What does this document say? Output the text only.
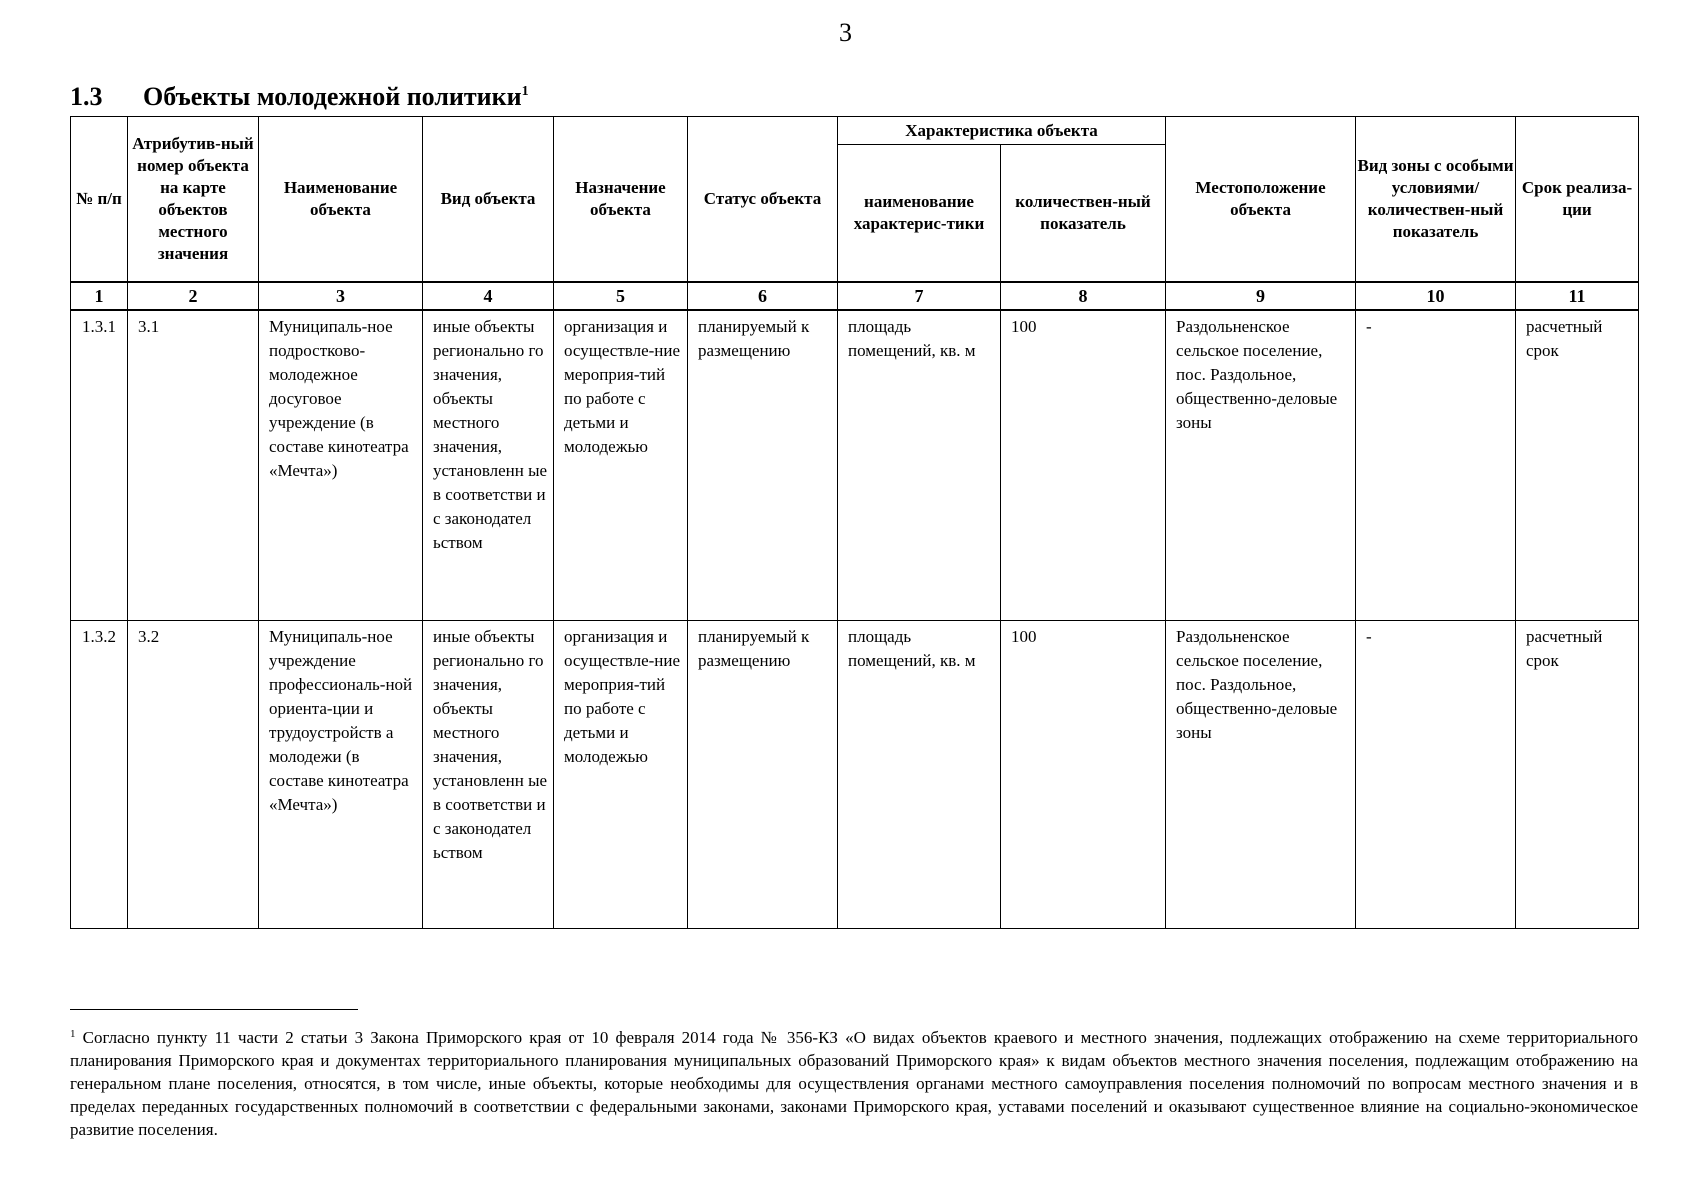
3
1.3 Объекты молодежной политики$^1$
№ п/п	Атрибутив-ный номер объекта на карте объектов местного значения	Наименование объекта	Вид объекта	Назначение объекта	Статус объекта	Характеристика объекта		Местоположение объекта	Вид зоны с особыми условиями/ количествен-ный показатель	Срок реализа-ции
						наименование характерис-тики	количествен-ный показатель			
1	2	3	4	5	6	7	8	9	10	11
1.3.1	3.1	Муниципаль-ное подростково-молодежное досуговое учреждение (в составе кинотеатра «Мечта»)	иные объекты регионально го значения, объекты местного значения, установленн ые в соответстви и с законодател ьством	организация и осуществле-ние мероприя-тий по работе с детьми и молодежью	планируемый к размещению	площадь помещений, кв. м	100	Раздольненское сельское поселение, пос. Раздольное, общественно-деловые зоны	-	расчетный срок
1.3.2	3.2	Муниципаль-ное учреждение профессиональ-ной ориента-ции и трудоустройств а молодежи (в составе кинотеатра «Мечта»)	иные объекты регионально го значения, объекты местного значения, установленн ые в соответстви и с законодател ьством	организация и осуществле-ние мероприя-тий по работе с детьми и молодежью	планируемый к размещению	площадь помещений, кв. м	100	Раздольненское сельское поселение, пос. Раздольное, общественно-деловые зоны	-	расчетный срок
$^1$ Согласно пункту 11 части 2 статьи 3 Закона Приморского края от 10 февраля 2014 года № 356-КЗ «О видах объектов краевого и местного значения, подлежащих отображению на схеме территориального планирования Приморского края и документах территориального планирования муниципальных образований Приморского края» к видам объектов местного значения поселения, подлежащим отображению на генеральном плане поселения, относятся, в том числе, иные объекты, которые необходимы для осуществления органами местного самоуправления поселения полномочий по вопросам местного значения и в пределах переданных государственных полномочий в соответствии с федеральными законами, законами Приморского края, уставами поселений и оказывают существенное влияние на социально-экономическое развитие поселения.
